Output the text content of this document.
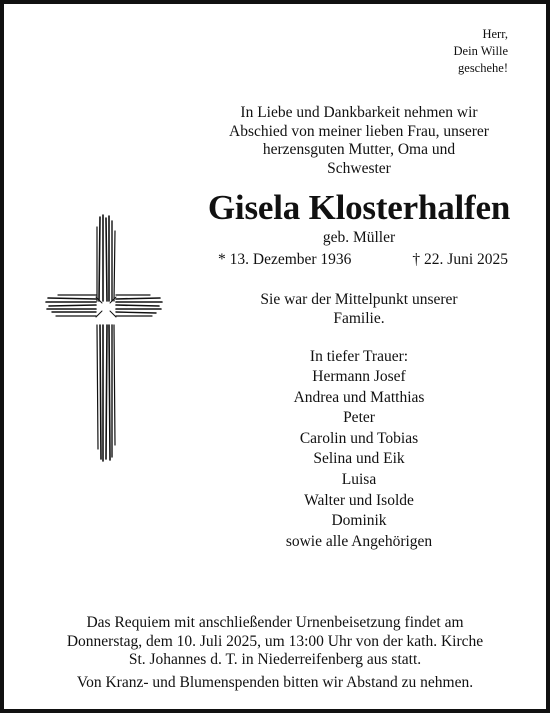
Herr,
Dein Wille
geschehe!
In Liebe und Dankbarkeit nehmen wir
Abschied von meiner lieben Frau, unserer
herzensguten Mutter, Oma und
Schwester
Gisela Klosterhalfen
geb. Müller
* 13. Dezember 1936	† 22. Juni 2025
Sie war der Mittelpunkt unserer
Familie.
In tiefer Trauer:
Hermann Josef
Andrea und Matthias
Peter
Carolin und Tobias
Selina und Eik
Luisa
Walter und Isolde
Dominik
sowie alle Angehörigen
Das Requiem mit anschließender Urnenbeisetzung findet am
Donnerstag, dem 10. Juli 2025, um 13:00 Uhr von der kath. Kirche
St. Johannes d. T. in Niederreifenberg aus statt.
Von Kranz- und Blumenspenden bitten wir Abstand zu nehmen.
